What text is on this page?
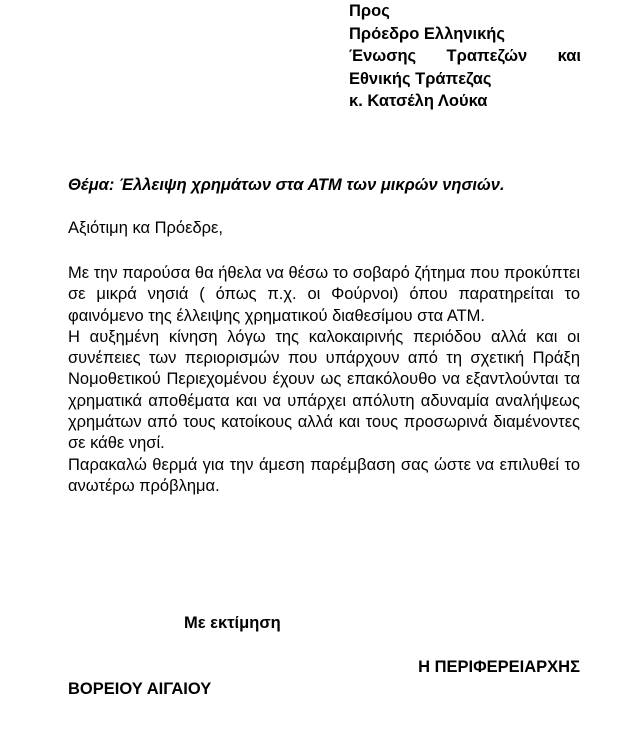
Προς
Πρόεδρο Ελληνικής
Ένωσης Τραπεζών και
Εθνικής Τράπεζας
κ. Κατσέλη Λούκα
Θέμα: Έλλειψη χρημάτων στα ΑΤΜ των μικρών νησιών.
Αξιότιμη κα Πρόεδρε,

Με την παρούσα θα ήθελα να θέσω το σοβαρό ζήτημα που προκύπτει σε μικρά νησιά ( όπως π.χ. οι Φούρνοι) όπου παρατηρείται το φαινόμενο της έλλειψης χρηματικού διαθεσίμου στα ΑΤΜ.

Η αυξημένη κίνηση λόγω της καλοκαιρινής περιόδου αλλά και οι συνέπειες των περιορισμών που υπάρχουν από τη σχετική Πράξη Νομοθετικού Περιεχομένου έχουν ως επακόλουθο να εξαντλούνται τα χρηματικά αποθέματα και να υπάρχει απόλυτη αδυναμία αναλήψεως χρημάτων από τους κατοίκους αλλά και τους προσωρινά διαμένοντες σε κάθε νησί.

Παρακαλώ θερμά για την άμεση παρέμβαση σας ώστε να επιλυθεί το ανωτέρω πρόβλημα.

Με εκτίμηση
Η ΠΕΡΙΦΕΡΕΙΑΡΧΗΣ
ΒΟΡΕΙΟΥ ΑΙΓΑΙΟΥ
